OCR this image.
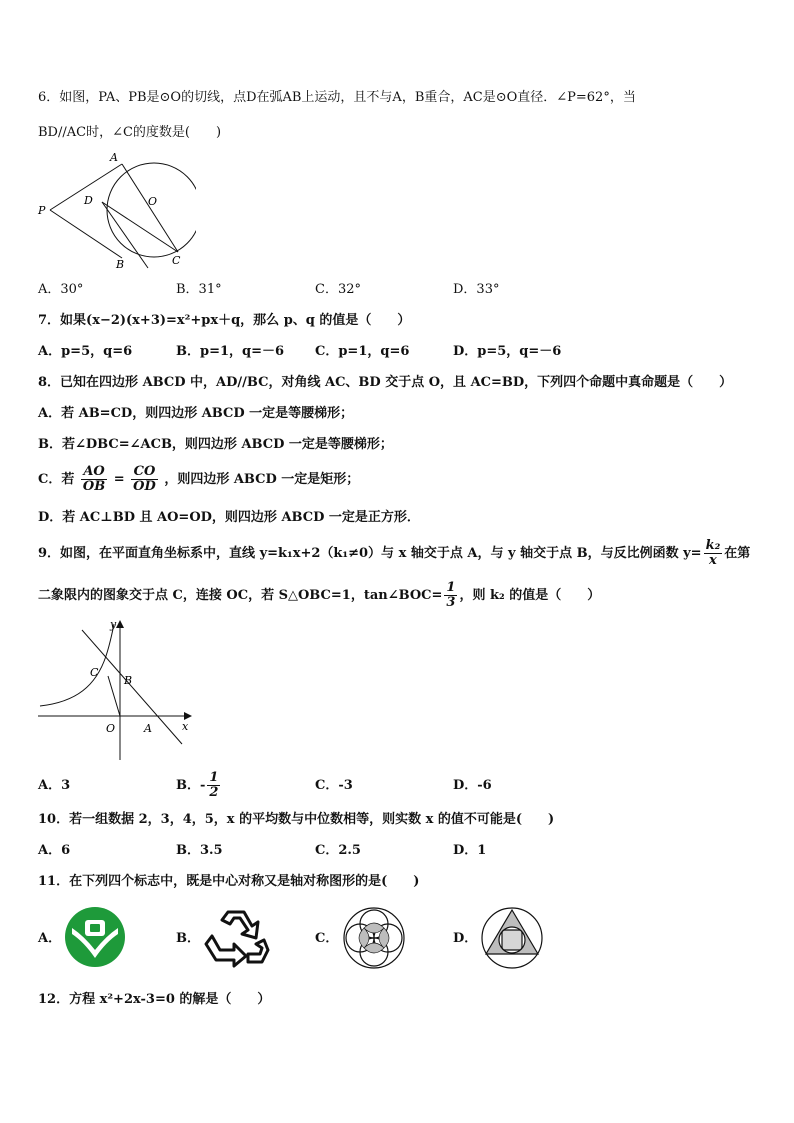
6．如图，PA、PB是⊙O的切线，点D在弧AB上运动，且不与A，B重合，AC是⊙O直径．∠P=62°，当
BD//AC时，∠C的度数是(　　)
A
O
P
D
B	C
A．30°	B．31°	C．32°	D．33°
7．如果(x−2)(x+3)=x²+px＋q，那么 p、q 的值是（　　）
A．p=5，q=6	B．p=1，q=－6 C．p=1，q=6	D．p=5，q=－6
8．已知在四边形 ABCD 中，AD//BC，对角线 AC、BD 交于点 O，且 AC=BD，下列四个命题中真命题是（　　）
A．若 AB=CD，则四边形 ABCD 一定是等腰梯形；
B．若∠DBC=∠ACB，则四边形 ABCD 一定是等腰梯形；
C．若 $\frac{AO}{OB} = \frac{CO}{OD}$ ，则四边形 ABCD 一定是矩形；
D．若 AC⊥BD 且 AO=OD，则四边形 ABCD 一定是正方形．
9．如图，在平面直角坐标系中，直线 y=k₁x+2（k₁≠0）与 x 轴交于点 A，与 y 轴交于点 B，与反比例函数 $y= \frac{\text{k₂}}{x}$ 在第
二象限内的图象交于点 C，连接 OC，若 S△OBC=1，tan∠BOC= $\frac{1}{3}$ ，则 k₂ 的值是（　　）
y
x
C
B
O	A
A．3	B．- $\frac{1}{2}$	C．-3	D．-6
10．若一组数据 2，3，4，5，x 的平均数与中位数相等，则实数 x 的值不可能是(　　)
A．6	B．3.5	C．2.5	D．1
11．在下列四个标志中，既是中心对称又是轴对称图形的是(　　)
A．	B．	C．	D．
12．方程 x²+2x-3=0 的解是（　　）
